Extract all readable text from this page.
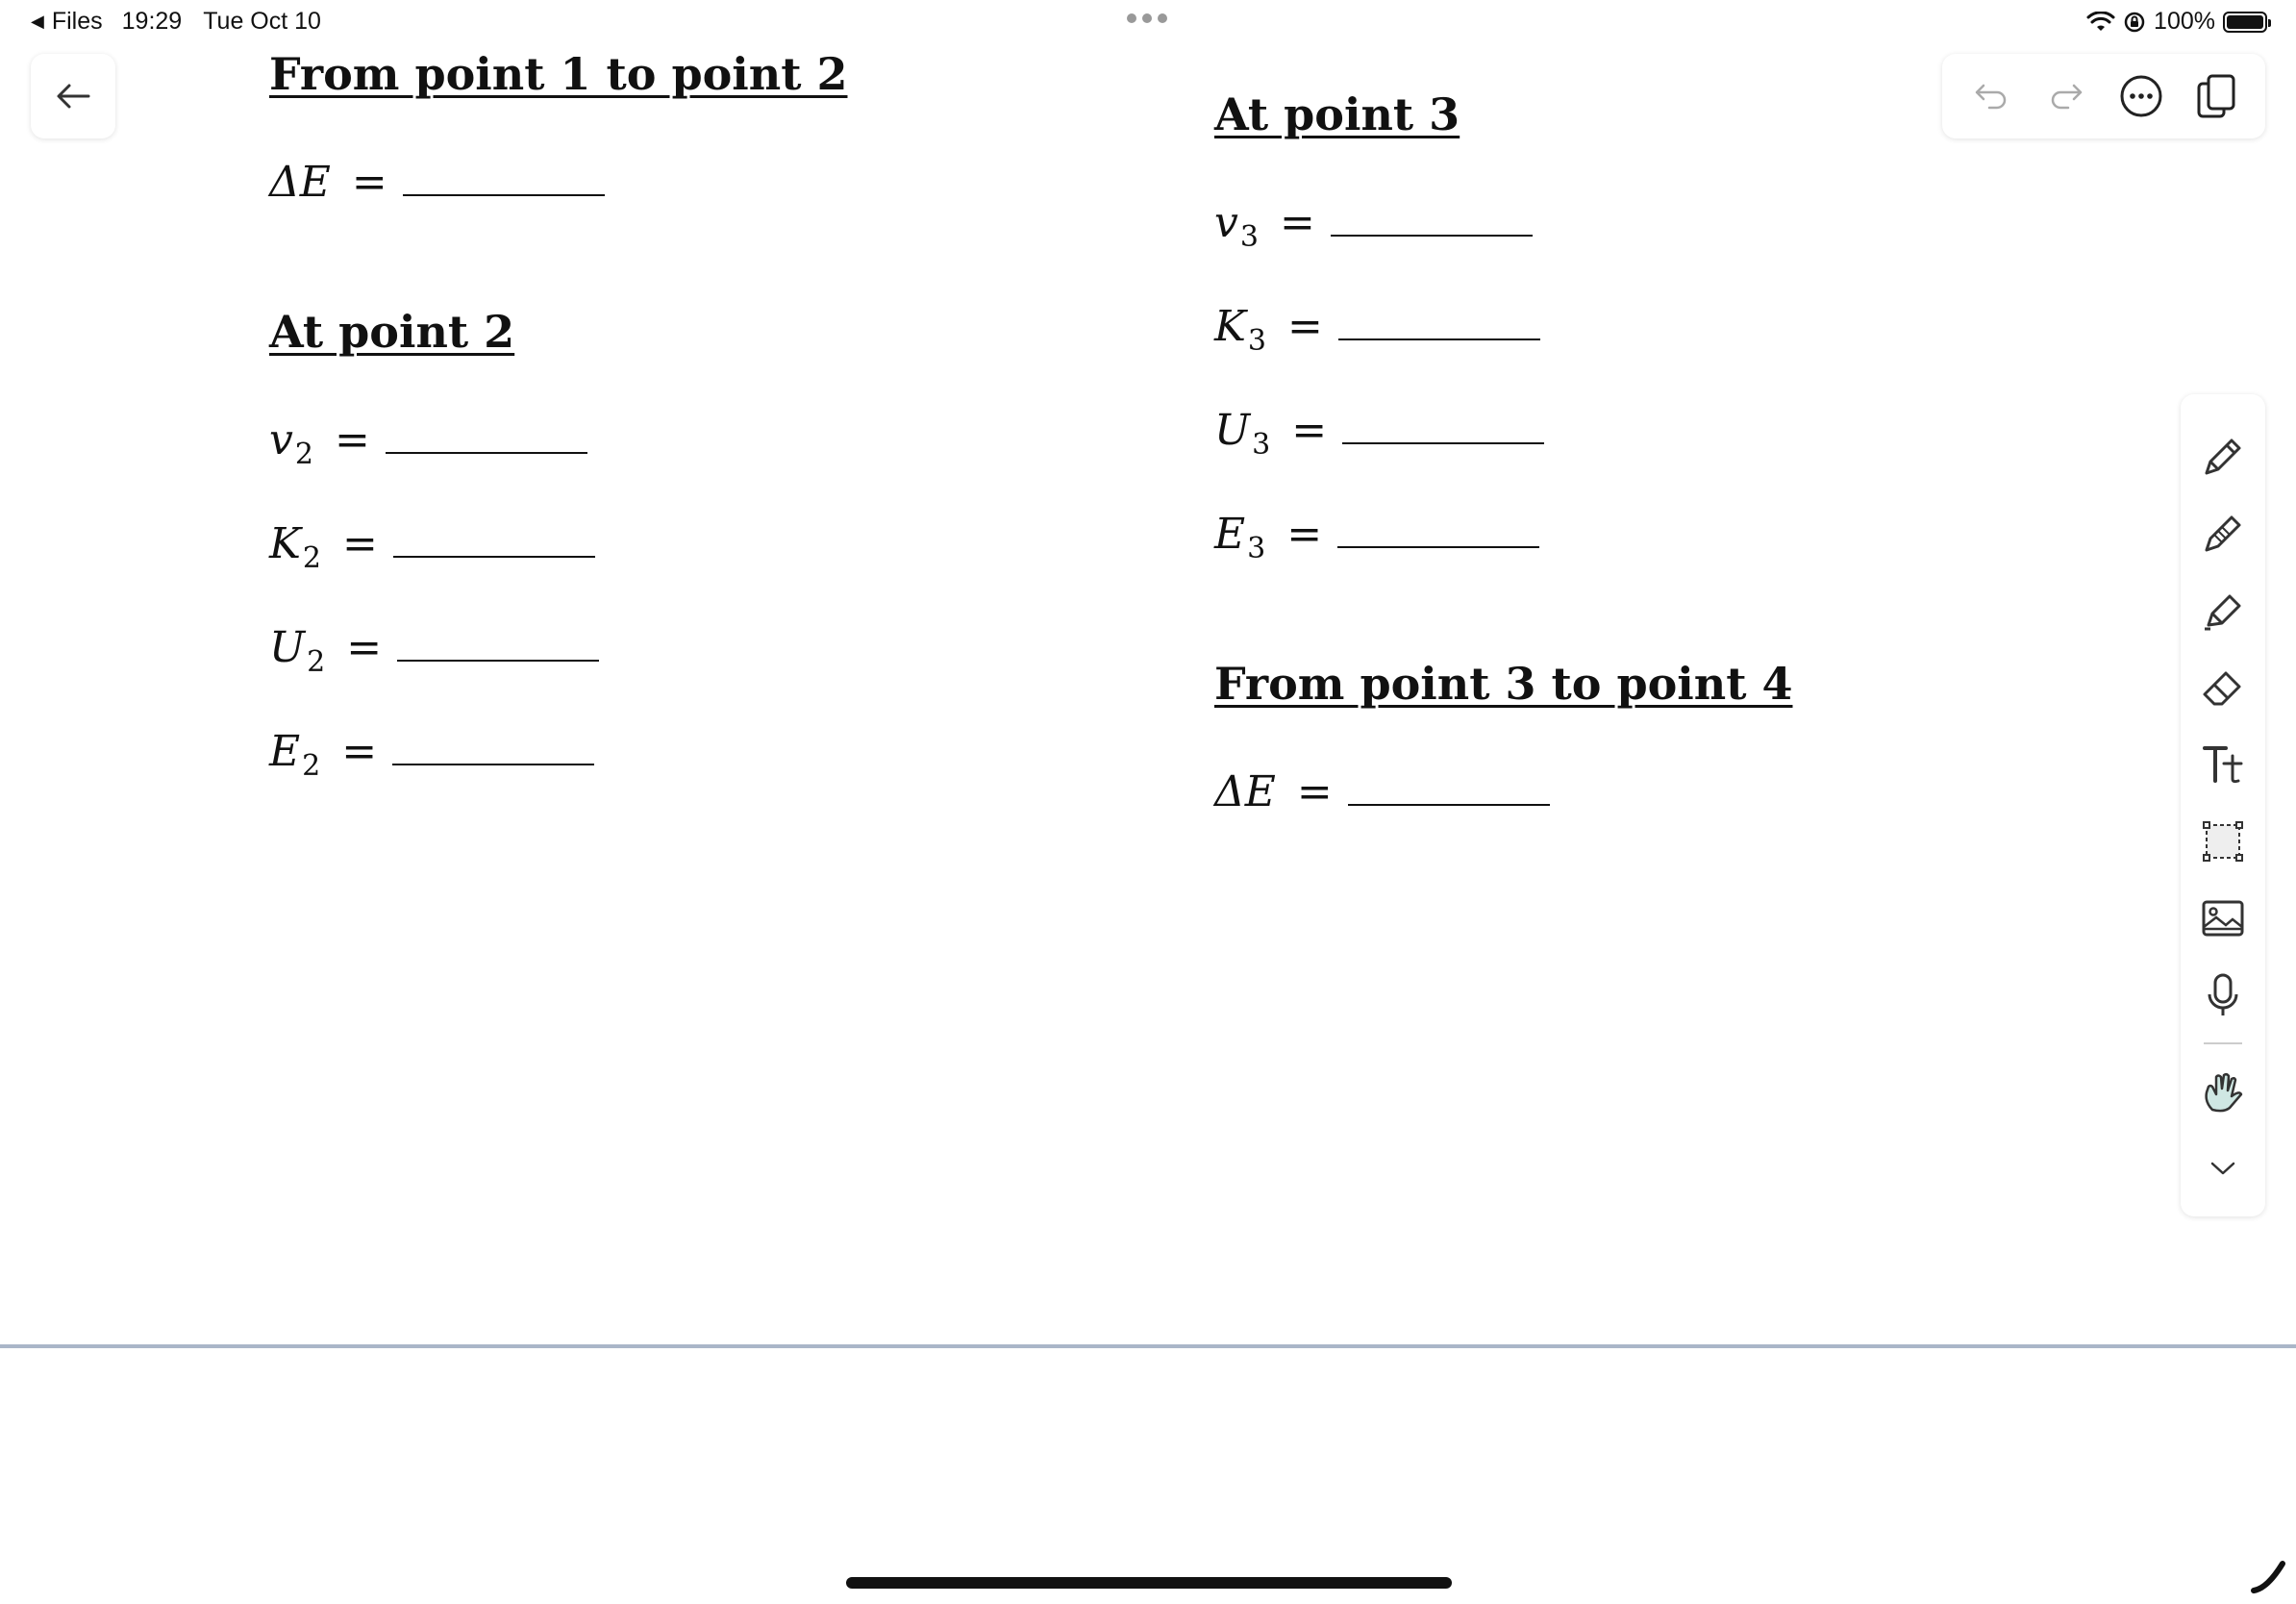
◀ Files 19:29 Tue Oct 10	100%
From point 1 to point 2
ΔE =
At point 2
v 2 =
K 2 =
U 2 =
E 2 =
At point 3
v 3 =
K 3 =
U 3 =
E 3 =
From point 3 to point 4
ΔE =
